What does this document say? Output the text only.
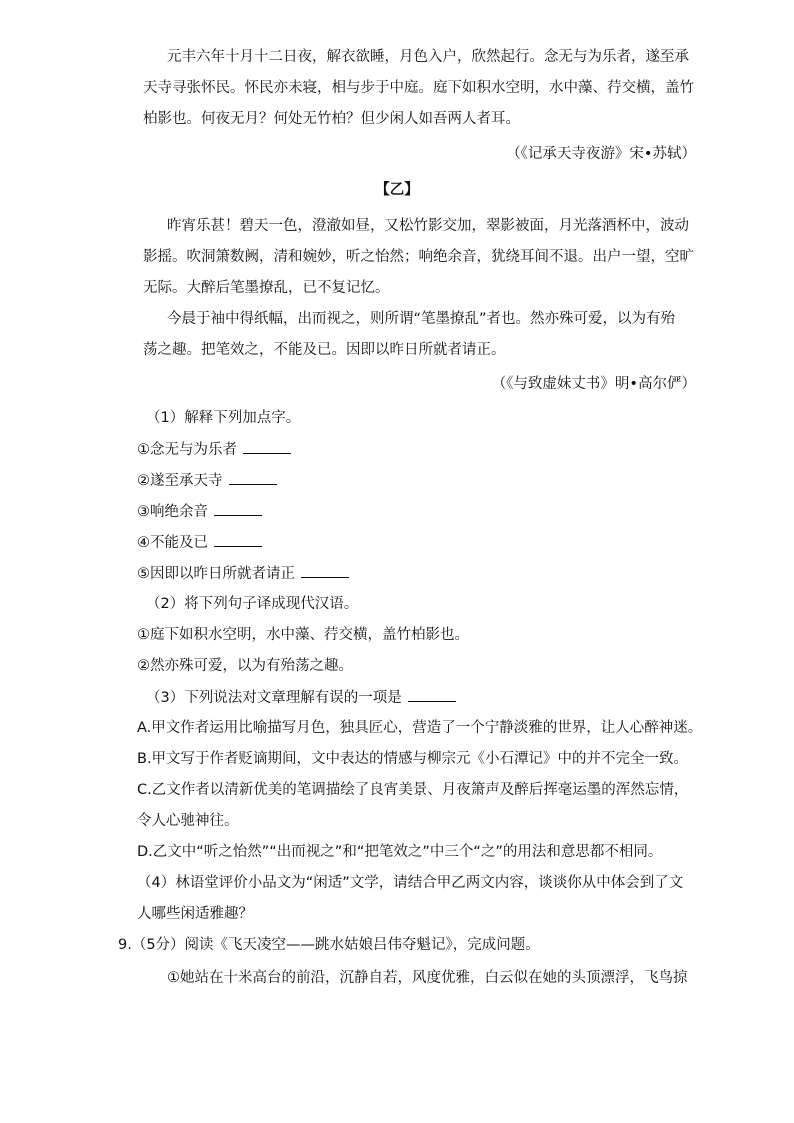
元丰六年十月十二日夜，解衣欲睡，月色入户，欣然起行。念无与为乐者，遂至承
天寺寻张怀民。怀民亦未寝，相与步于中庭。庭下如积水空明，水中藻、荇交横，盖竹
柏影也。何夜无月？何处无竹柏？但少闲人如吾两人者耳。
（《记承天寺夜游》宋•苏轼）
【乙】
昨宵乐甚！碧天一色，澄澈如昼，又松竹影交加，翠影被面，月光落酒杯中，波动
影摇。吹洞箫数阙，清和婉妙，听之怡然；响绝余音，犹绕耳间不退。出户一望，空旷
无际。大醉后笔墨撩乱，已不复记忆。
今晨于袖中得纸幅，出而视之，则所谓“笔墨撩乱”者也。然亦殊可爱，以为有殆
荡之趣。把笔效之，不能及已。因即以昨日所就者请正。
（《与致虚妹丈书》明•高尔俨）
（1）解释下列加点字。
①念无与为乐者
②遂至承天寺
③响绝余音
④不能及已
⑤因即以昨日所就者请正
（2）将下列句子译成现代汉语。
①庭下如积水空明，水中藻、荇交横，盖竹柏影也。
②然亦殊可爱，以为有殆荡之趣。
（3）下列说法对文章理解有误的一项是
A.甲文作者运用比喻描写月色，独具匠心，营造了一个宁静淡雅的世界，让人心醉神迷。
B.甲文写于作者贬谪期间，文中表达的情感与柳宗元《小石潭记》中的并不完全一致。
C.乙文作者以清新优美的笔调描绘了良宵美景、月夜箫声及醉后挥毫运墨的浑然忘情，
令人心驰神往。
D.乙文中“听之怡然”“出而视之”和“把笔效之”中三个“之”的用法和意思都不相同。
（4）林语堂评价小品文为“闲适”文学，请结合甲乙两文内容，谈谈你从中体会到了文
人哪些闲适雅趣？
9.（5分）阅读《飞天凌空——跳水姑娘吕伟夺魁记》，完成问题。
①她站在十米高台的前沿，沉静自若，风度优雅，白云似在她的头顶漂浮，飞鸟掠
